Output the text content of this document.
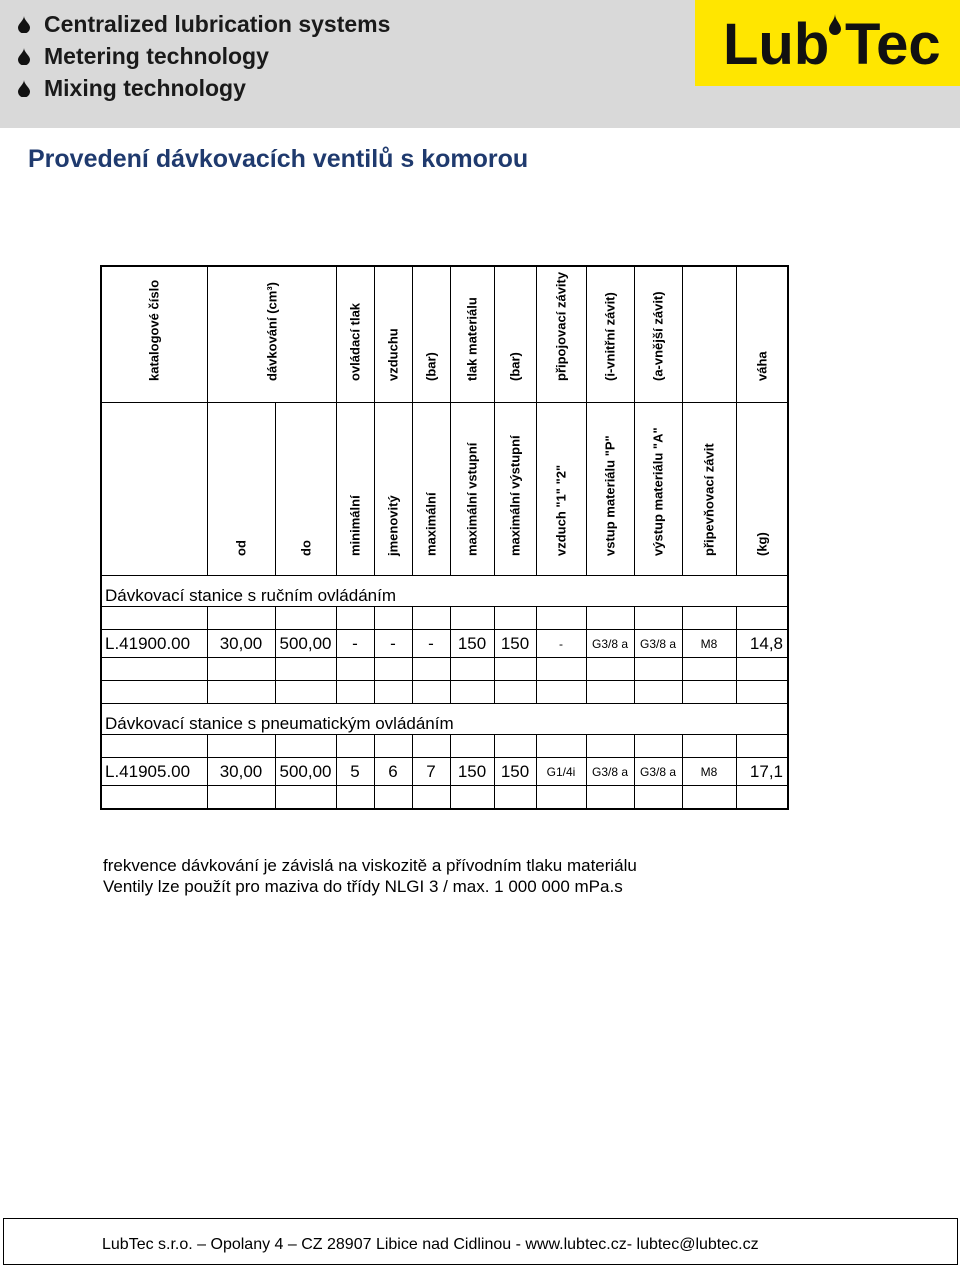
Centralized lubrication systems
Metering technology
Mixing technology
Lub Tec
Provedení dávkovacích ventilů s komorou
katalogové číslo	dávkování (cm³)		ovládací tlak	vzduchu	(bar)	tlak materiálu	(bar)	připojovací závity	(i-vnitřní závit)	(a-vnější závit)		váha

	od	do	minimální	jmenovitý	maximální	maximální vstupní	maximální výstupní	vzduch "1" "2"	vstup materiálu "P"	výstup materiálu "A"	připevňovací závit	(kg)

Dávkovací stanice s ručním ovládáním												

L.41900.00	30,00	500,00	-	-	-	150	150	-	G3/8 a	G3/8 a	M8	14,8

Dávkovací stanice s pneumatickým ovládáním												

L.41905.00	30,00	500,00	5	6	7	150	150	G1/4i	G3/8 a	G3/8 a	M8	17,1

frekvence dávkování je závislá na viskozitě a přívodním tlaku materiálu
Ventily lze použít pro maziva do třídy NLGI 3 / max. 1 000 000 mPa.s
LubTec s.r.o. – Opolany 4 – CZ 28907 Libice nad Cidlinou - www.lubtec.cz- lubtec@lubtec.cz
